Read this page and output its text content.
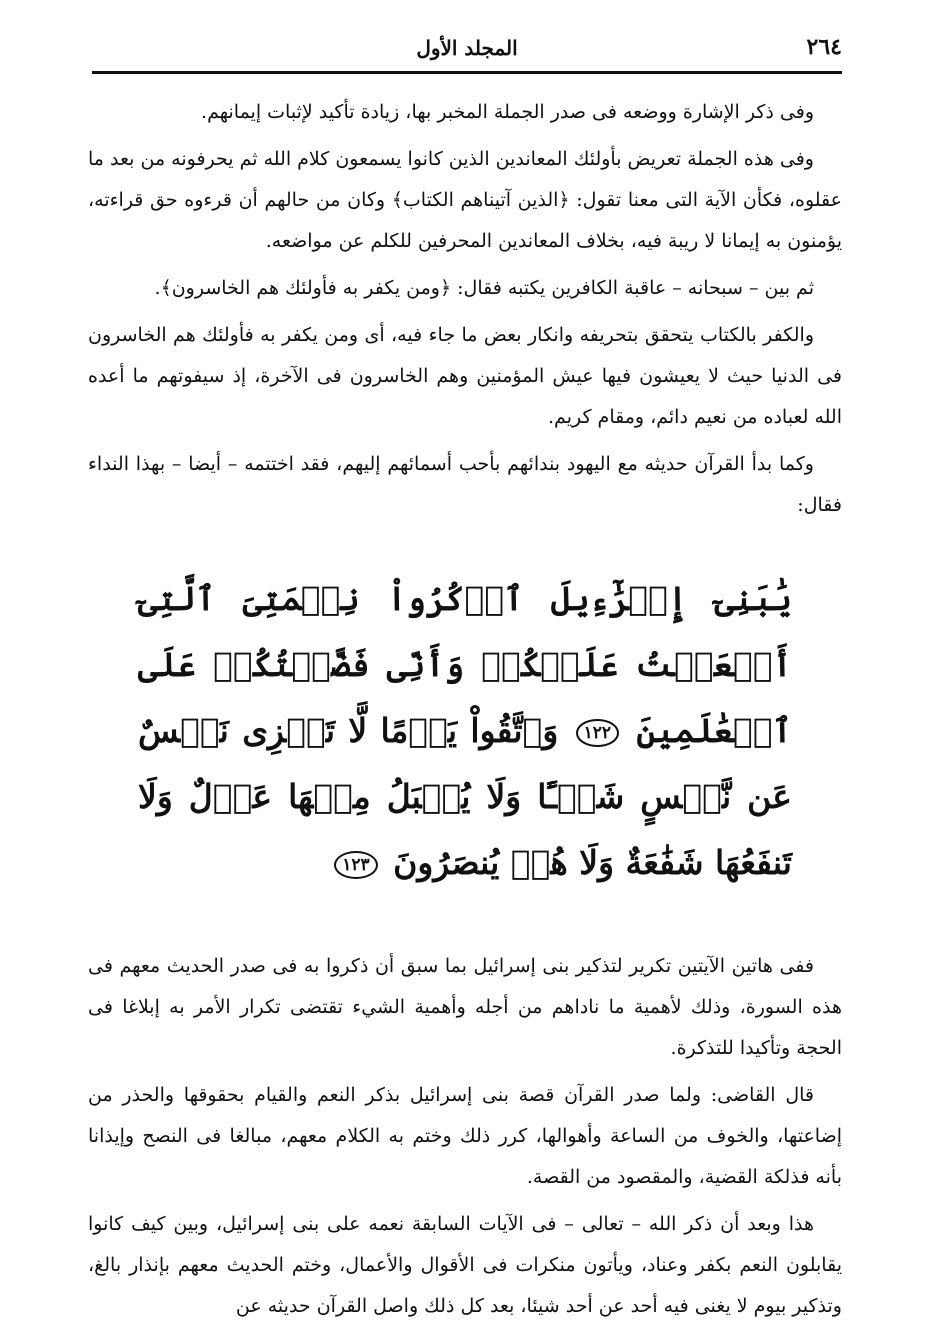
٢٦٤
المجلد الأول

وفى ذكر الإشارة ووضعه فى صدر الجملة المخبر بها، زيادة تأكيد لإثبات إيمانهم.

وفى هذه الجملة تعريض بأولئك المعاندين الذين كانوا يسمعون كلام الله ثم يحرفونه من بعد ما عقلوه، فكأن الآية التى معنا تقول: ﴿الذين آتيناهم الكتاب﴾ وكان من حالهم أن قرءوه حق قراءته، يؤمنون به إيمانا لا ريبة فيه، بخلاف المعاندين المحرفين للكلم عن مواضعه.

ثم بين – سبحانه – عاقبة الكافرين يكتبه فقال: ﴿ومن يكفر به فأولئك هم الخاسرون﴾.

والكفر بالكتاب يتحقق بتحريفه وانكار بعض ما جاء فيه، أى ومن يكفر به فأولئك هم الخاسرون فى الدنيا حيث لا يعيشون فيها عيش المؤمنين وهم الخاسرون فى الآخرة، إذ سيفوتهم ما أعده الله لعباده من نعيم دائم، ومقام كريم.

وكما بدأ القرآن حديثه مع اليهود بندائهم بأحب أسمائهم إليهم، فقد اختتمه – أيضا – بهذا النداء فقال:

يَٰبَنِىٓ إِسۡرَٰٓءِيلَ ٱذۡكُرُواْ نِعۡمَتِىَ ٱلَّتِىٓ أَنۡعَمۡتُ عَلَيۡكُمۡ وَأَنِّى فَضَّلۡتُكُمۡ عَلَى ٱلۡعَٰلَمِينَ ١٢٢ وَٱتَّقُواْ يَوۡمًا لَّا تَجۡزِى نَفۡسٌ عَن نَّفۡسٍ شَيۡـًٔا وَلَا يُقۡبَلُ مِنۡهَا عَدۡلٌ وَلَا تَنفَعُهَا شَفَٰعَةٌ وَلَا هُمۡ يُنصَرُونَ ١٢٣

ففى هاتين الآيتين تكرير لتذكير بنى إسرائيل بما سبق أن ذكروا به فى صدر الحديث معهم فى هذه السورة، وذلك لأهمية ما ناداهم من أجله وأهمية الشيء تقتضى تكرار الأمر به إبلاغا فى الحجة وتأكيدا للتذكرة.

قال القاضى: ولما صدر القرآن قصة بنى إسرائيل بذكر النعم والقيام بحقوقها والحذر من إضاعتها، والخوف من الساعة وأهوالها، كرر ذلك وختم به الكلام معهم، مبالغا فى النصح وإيذانا بأنه فذلكة القضية، والمقصود من القصة.

هذا وبعد أن ذكر الله – تعالى – فى الآيات السابقة نعمه على بنى إسرائيل، وبين كيف كانوا يقابلون النعم بكفر وعناد، ويأتون منكرات فى الأقوال والأعمال، وختم الحديث معهم بإنذار بالغ، وتذكير بيوم لا يغنى فيه أحد عن أحد شيئا، بعد كل ذلك واصل القرآن حديثه عن
